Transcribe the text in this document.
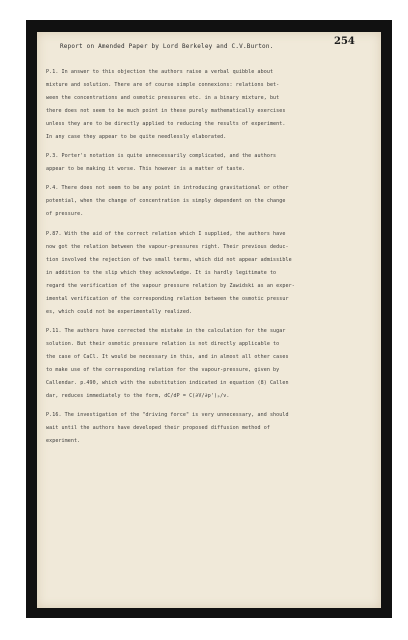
Report on Amended Paper by Lord Berkeley and C.V.Burton.	254
P.1. In answer to this objection the authors raise a verbal quibble about
mixture and solution. There are of course simple connexions: relations bet-
ween the concentrations and osmotic pressures etc. in a binary mixture, but
there does not seem to be much point in these purely mathematically exercises
unless they are to be directly applied to reducing the results of experiment.
In any case they appear to be quite needlessly elaborated.
P.3. Porter's notation is quite unnecessarily complicated, and the authors
appear to be making it worse. This however is a matter of taste.
P.4. There does not seem to be any point in introducing gravitational or other
potential, when the change of concentration is simply dependent on the change
of pressure.
P.87. With the aid of the correct relation which I supplied, the authors have
now got the relation between the vapour-pressures right. Their previous deduc-
tion involved the rejection of two small terms, which did not appear admissible
in addition to the slip which they acknowledge. It is hardly legitimate to
regard the verification of the vapour pressure relation by Zawidski as an exper-
imental verification of the corresponding relation between the osmotic pressur
es, which could not be experimentally realized.
P.11. The authors have corrected the mistake in the calculation for the sugar
solution. But their osmotic pressure relation is not directly applicable to
the case of CaCl. It would be necessary in this, and in almost all other cases
to make use of the corresponding relation for the vapour-pressure, given by
Callendar. p.490, which with the substitution indicated in equation (8) Callen
dar, reduces immediately to the form, dC/dP = C(∂V/∂p')ₚ/v.
P.16. The investigation of the "driving force" is very unnecessary, and should
wait until the authors have developed their proposed diffusion method of
experiment.
